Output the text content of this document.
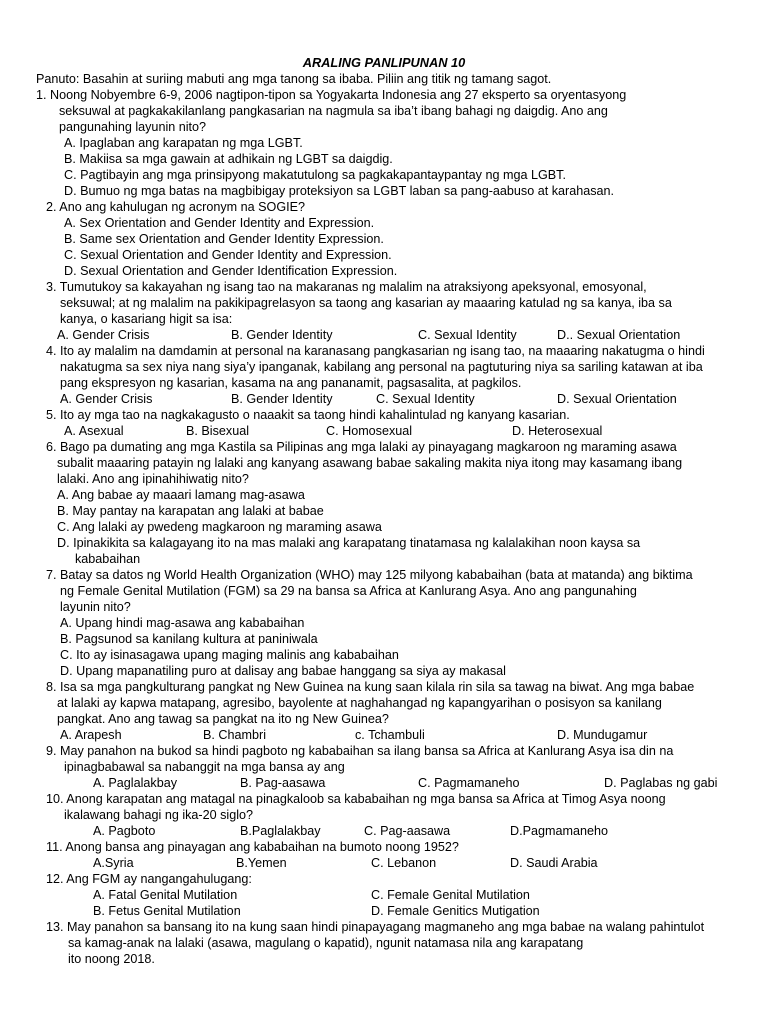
ARALING PANLIPUNAN 10
Panuto: Basahin at suriing mabuti ang mga tanong sa ibaba. Piliin ang titik ng tamang sagot.
1. Noong Nobyembre 6-9, 2006 nagtipon-tipon sa Yogyakarta Indonesia ang 27 eksperto sa oryentasyong
seksuwal at pagkakakilanlang pangkasarian na nagmula sa iba’t ibang bahagi ng daigdig. Ano ang
pangunahing layunin nito?
A. Ipaglaban ang karapatan ng mga LGBT.
B. Makiisa sa mga gawain at adhikain ng LGBT sa daigdig.
C. Pagtibayin ang mga prinsipyong makatutulong sa pagkakapantaypantay ng mga LGBT.
D. Bumuo ng mga batas na magbibigay proteksiyon sa LGBT laban sa pang-aabuso at karahasan.
2. Ano ang kahulugan ng acronym na SOGIE?
A. Sex Orientation and Gender Identity and Expression.
B. Same sex Orientation and Gender Identity Expression.
C. Sexual Orientation and Gender Identity and Expression.
D. Sexual Orientation and Gender Identification Expression.
3. Tumutukoy sa kakayahan ng isang tao na makaranas ng malalim na atraksiyong apeksyonal, emosyonal,
seksuwal; at ng malalim na pakikipagrelasyon sa taong ang kasarian ay maaaring katulad ng sa kanya, iba sa
kanya, o kasariang higit sa isa:
A. Gender Crisis	B. Gender Identity	C. Sexual Identity	D.. Sexual Orientation
4. Ito ay malalim na damdamin at personal na karanasang pangkasarian ng isang tao, na maaaring nakatugma o hindi
nakatugma sa sex niya nang siya’y ipanganak, kabilang ang personal na pagtuturing niya sa sariling katawan at iba
pang ekspresyon ng kasarian, kasama na ang pananamit, pagsasalita, at pagkilos.
A. Gender Crisis	B. Gender Identity	C. Sexual Identity	D. Sexual Orientation
5. Ito ay mga tao na nagkakagusto o naaakit sa taong hindi kahalintulad ng kanyang kasarian.
A. Asexual	B. Bisexual	C. Homosexual	D. Heterosexual
6. Bago pa dumating ang mga Kastila sa Pilipinas ang mga lalaki ay pinayagang magkaroon ng maraming asawa
subalit maaaring patayin ng lalaki ang kanyang asawang babae sakaling makita niya itong may kasamang ibang
lalaki. Ano ang ipinahihiwatig nito?
A. Ang babae ay maaari lamang mag-asawa
B. May pantay na karapatan ang lalaki at babae
C. Ang lalaki ay pwedeng magkaroon ng maraming asawa
D. Ipinakikita sa kalagayang ito na mas malaki ang karapatang tinatamasa ng kalalakihan noon kaysa sa
kababaihan
7. Batay sa datos ng World Health Organization (WHO) may 125 milyong kababaihan (bata at matanda) ang biktima
ng Female Genital Mutilation (FGM) sa 29 na bansa sa Africa at Kanlurang Asya. Ano ang pangunahing
layunin nito?
A. Upang hindi mag-asawa ang kababaihan
B. Pagsunod sa kanilang kultura at paniniwala
C. Ito ay isinasagawa upang maging malinis ang kababaihan
D. Upang mapanatiling puro at dalisay ang babae hanggang sa siya ay makasal
8. Isa sa mga pangkulturang pangkat ng New Guinea na kung saan kilala rin sila sa tawag na biwat. Ang mga babae
at lalaki ay kapwa matapang, agresibo, bayolente at naghahangad ng kapangyarihan o posisyon sa kanilang
pangkat. Ano ang tawag sa pangkat na ito ng New Guinea?
A. Arapesh	B. Chambri	c. Tchambuli	D. Mundugamur
9. May panahon na bukod sa hindi pagboto ng kababaihan sa ilang bansa sa Africa at Kanlurang Asya isa din na
ipinagbabawal sa nabanggit na mga bansa ay ang
A. Paglalakbay	B. Pag-aasawa	C. Pagmamaneho	D. Paglabas ng gabi
10. Anong karapatan ang matagal na pinagkaloob sa kababaihan ng mga bansa sa Africa at Timog Asya noong
ikalawang bahagi ng ika-20 siglo?
A. Pagboto	B.Paglalakbay	C. Pag-aasawa	D.Pagmamaneho
11. Anong bansa ang pinayagan ang kababaihan na bumoto noong 1952?
A.Syria	B.Yemen	C. Lebanon	D. Saudi Arabia
12. Ang FGM ay nangangahulugang:
A. Fatal Genital Mutilation	C. Female Genital Mutilation
B. Fetus Genital Mutilation	D. Female Genitics Mutigation
13. May panahon sa bansang ito na kung saan hindi pinapayagang magmaneho ang mga babae na walang pahintulot
sa kamag-anak na lalaki (asawa, magulang o kapatid), ngunit natamasa nila ang karapatang
ito noong 2018.
